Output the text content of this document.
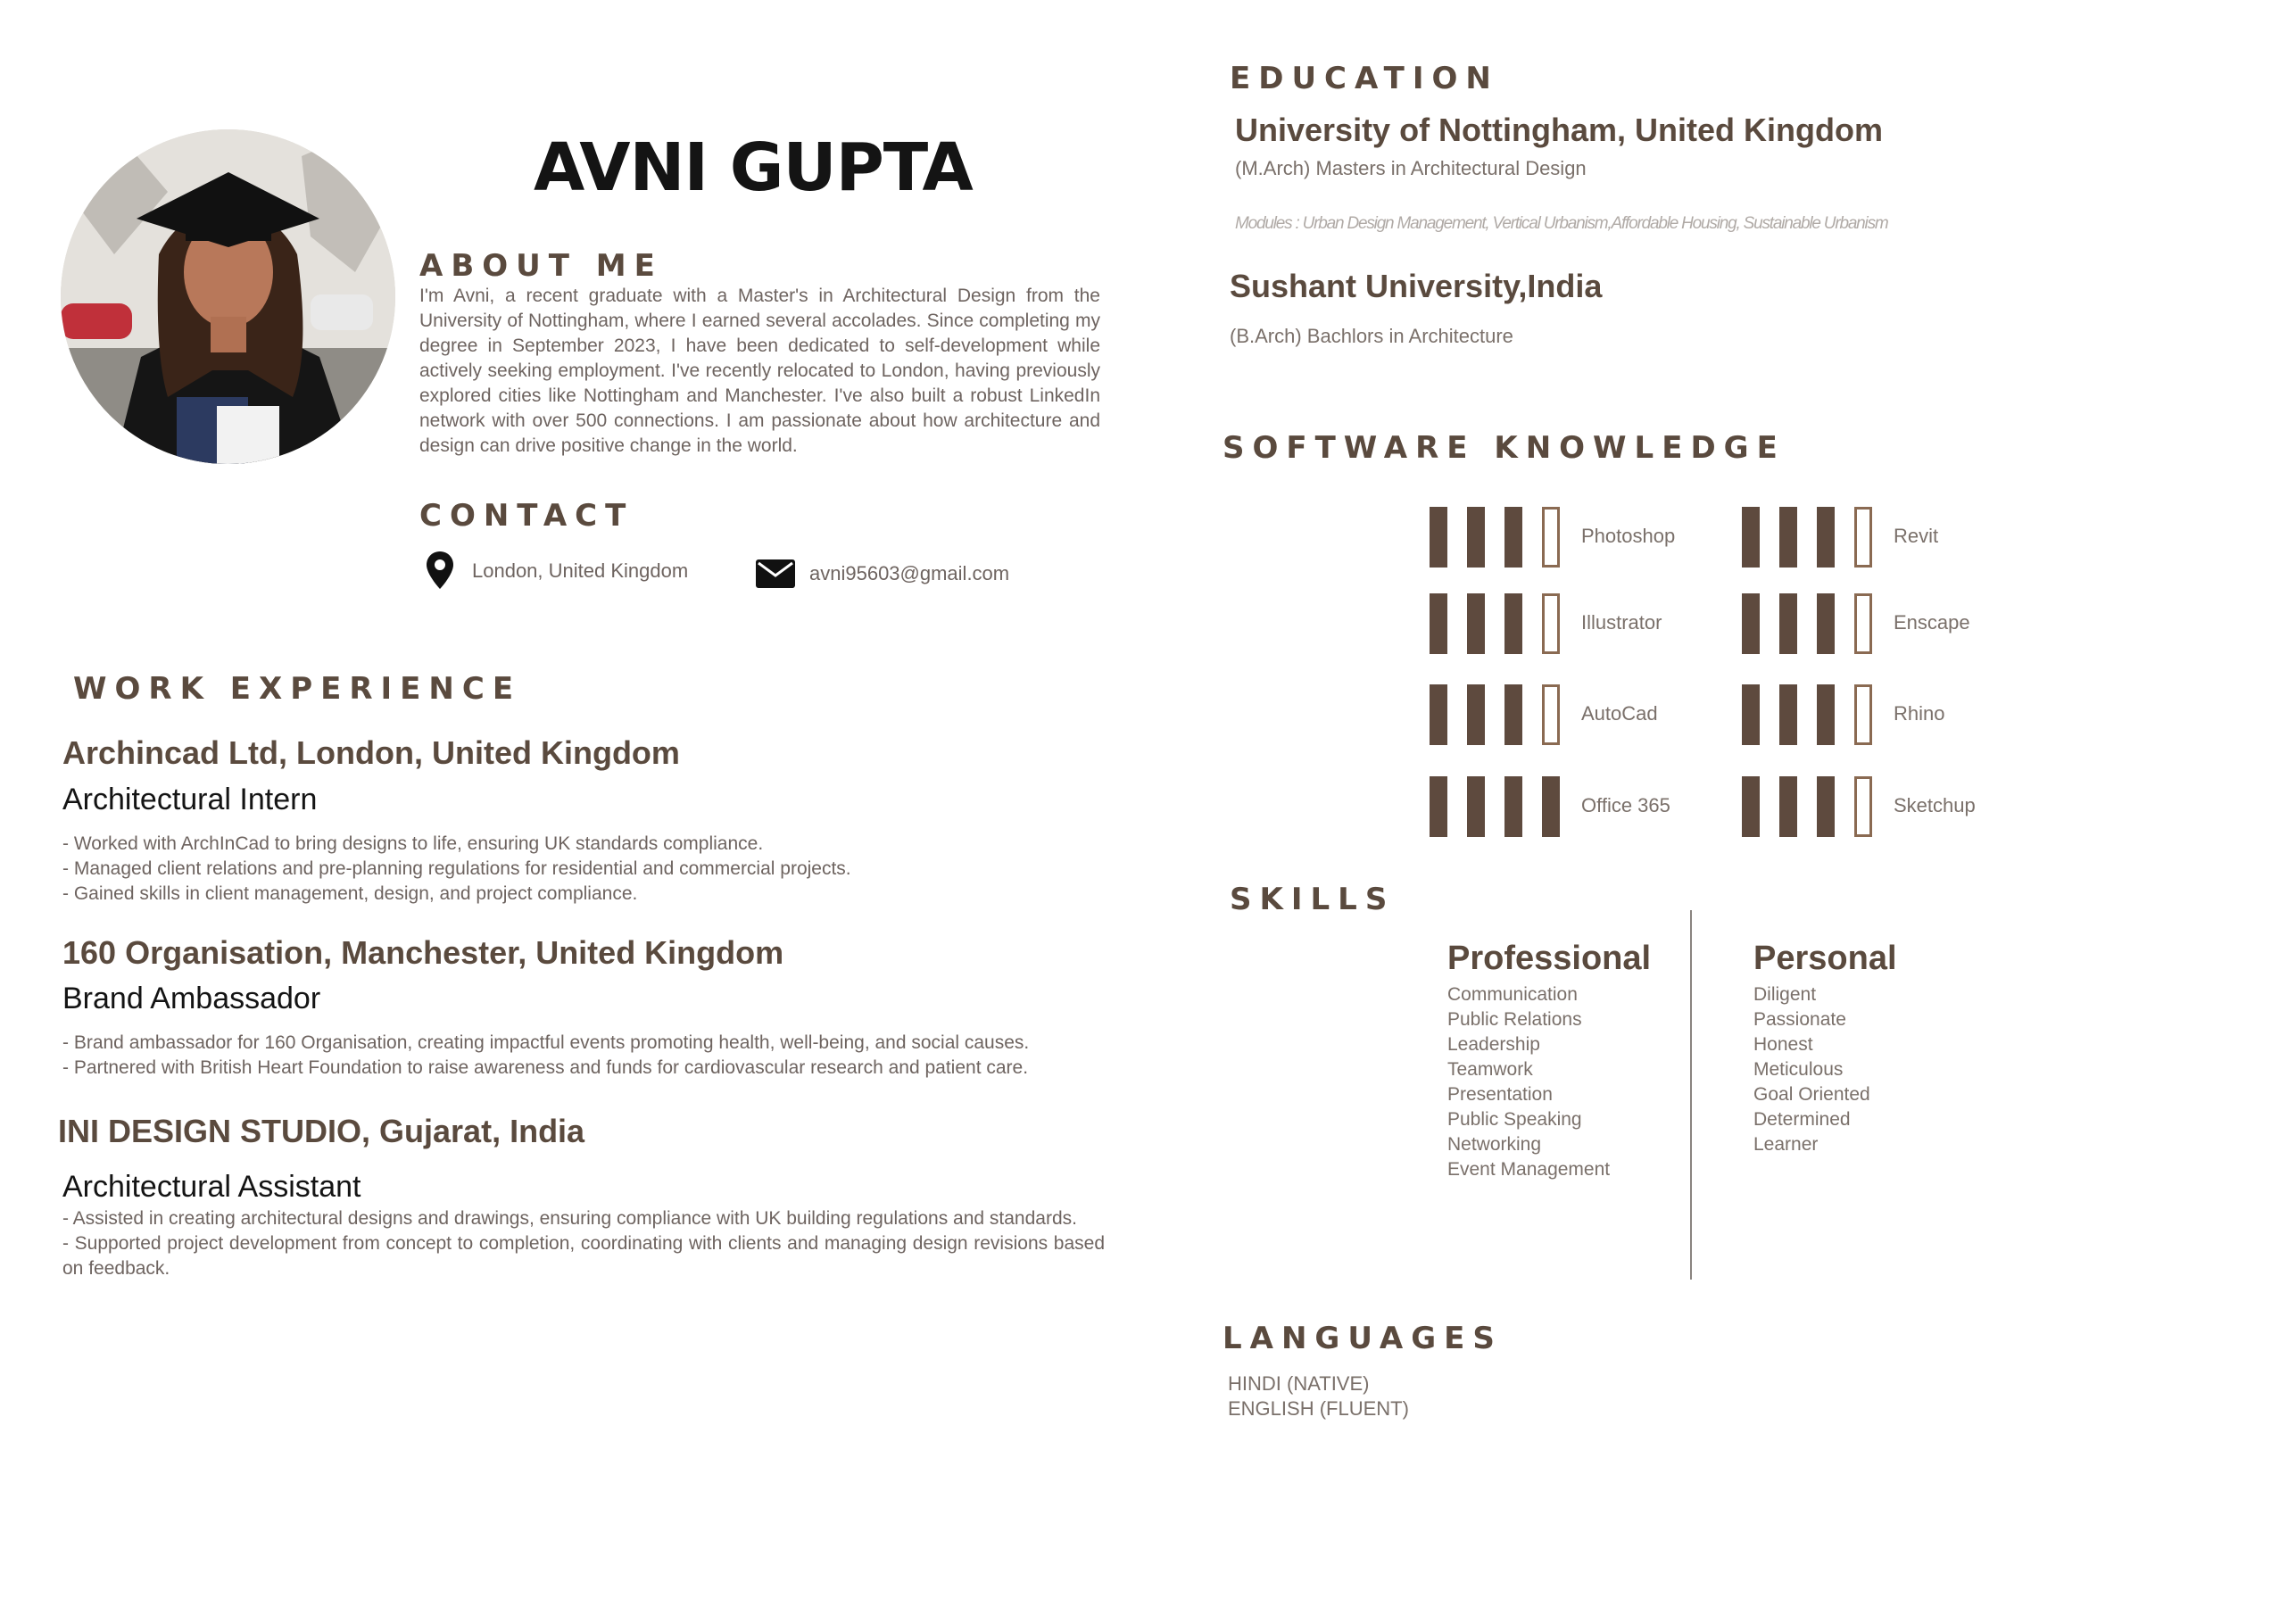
AVNI GUPTA
ABOUT ME
I'm Avni, a recent graduate with a Master's in Architectural Design from the University of Nottingham, where I earned several accolades. Since completing my degree in September 2023, I have been dedicated to self-development while actively seeking employment. I've recently relocated to London, having previously explored cities like Nottingham and Manchester. I've also built a robust LinkedIn network with over 500 connections. I am passionate about how architecture and design can drive positive change in the world.
CONTACT
London, United Kingdom	avni95603@gmail.com
WORK EXPERIENCE
Archincad Ltd, London, United Kingdom
Architectural Intern
- Worked with ArchInCad to bring designs to life, ensuring UK standards compliance.
- Managed client relations and pre-planning regulations for residential and commercial projects.
- Gained skills in client management, design, and project compliance.
160 Organisation, Manchester, United Kingdom
Brand Ambassador
- Brand ambassador for 160 Organisation, creating impactful events promoting health, well-being, and social causes.
- Partnered with British Heart Foundation to raise awareness and funds for cardiovascular research and patient care.
INI DESIGN STUDIO, Gujarat, India
Architectural Assistant
- Assisted in creating architectural designs and drawings, ensuring compliance with UK building regulations and standards.
- Supported project development from concept to completion, coordinating with clients and managing design revisions based on feedback.
EDUCATION
University of Nottingham, United Kingdom
(M.Arch) Masters in Architectural Design
Modules : Urban Design Management, Vertical Urbanism,Affordable Housing, Sustainable Urbanism
Sushant University,India
(B.Arch) Bachlors in Architecture
SOFTWARE KNOWLEDGE
Photoshop	Revit
Illustrator	Enscape
AutoCad	Rhino
Office 365	Sketchup
SKILLS
Professional
Communication
Public Relations
Leadership
Teamwork
Presentation
Public Speaking
Networking
Event Management
Personal
Diligent
Passionate
Honest
Meticulous
Goal Oriented
Determined
Learner
LANGUAGES
HINDI (NATIVE)
ENGLISH (FLUENT)
